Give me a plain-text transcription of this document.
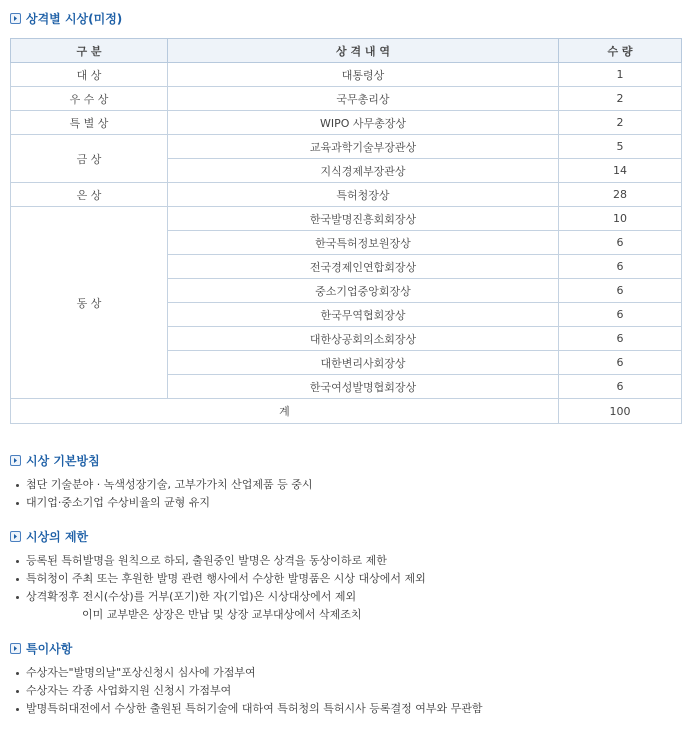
상격별 시상(미정)
구 분	상 격 내 역	수 량
대 상	대통령상	1
우 수 상	국무총리상	2
특 별 상	WIPO 사무총장상	2
금 상	교육과학기술부장관상	5
	지식경제부장관상	14
은 상	특허청장상	28
동 상	한국발명진흥회회장상	10
	한국특허정보원장상	6
	전국경제인연합회장상	6
	중소기업중앙회장상	6
	한국무역협회장상	6
	대한상공회의소회장상	6
	대한변리사회장상	6
	한국여성발명협회장상	6
계		100
시상 기본방침
첨단 기술분야 · 녹색성장기술, 고부가가치 산업제품 등 중시
대기업·중소기업 수상비율의 균형 유지
시상의 제한
등록된 특허발명을 원칙으로 하되, 출원중인 발명은 상격을 동상이하로 제한
특허청이 주최 또는 후원한 발명 관련 행사에서 수상한 발명품은 시상 대상에서 제외
상격확정후 전시(수상)를 거부(포기)한 자(기업)은 시상대상에서 제외
이미 교부받은 상장은 반납 및 상장 교부대상에서 삭제조치
특이사항
수상자는"발명의날"포상신청시 심사에 가점부여
수상자는 각종 사업화지원 신청시 가점부여
발명특허대전에서 수상한 출원된 특허기술에 대하여 특허청의 특허시사 등록결정 여부와 무관함
